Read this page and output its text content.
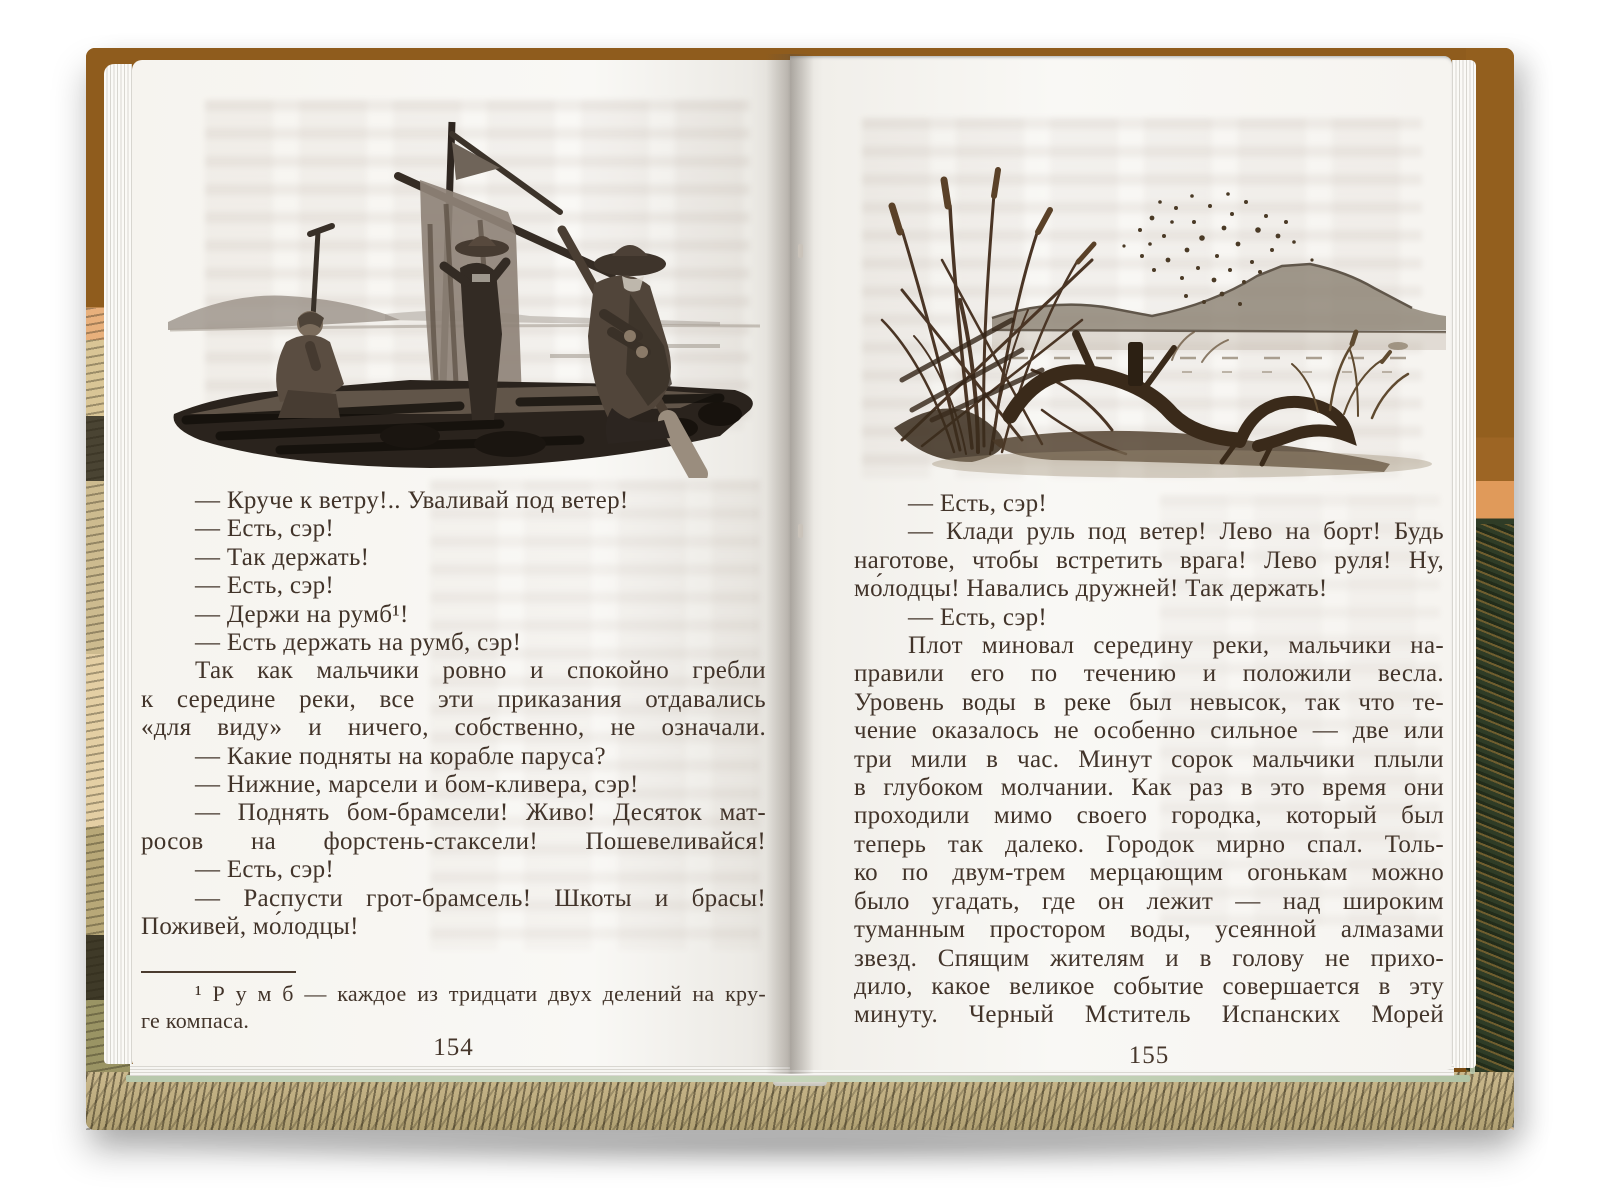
— Круче к ветру!.. Уваливай под ветер!
— Есть, сэр!
— Так держать!
— Есть, сэр!
— Держи на румб¹!
— Есть держать на румб, сэр!
Так как мальчики ровно и спокойно гребли
к середине реки, все эти приказания отдавались
«для виду» и ничего, собственно, не означали.
— Какие подняты на корабле паруса?
— Нижние, марсели и бом-кливера, сэр!
— Поднять бом-брамсели! Живо! Десяток мат-
росов на форстень-стаксели! Пошевеливайся!
— Есть, сэр!
— Распусти грот-брамсель! Шкоты и брасы!
Поживей, мо́лодцы!
¹ Р у м б — каждое из тридцати двух делений на кру-
ге компаса.
154
— Есть, сэр!
— Клади руль под ветер! Лево на борт! Будь
наготове, чтобы встретить врага! Лево руля! Ну,
мо́лодцы! Навались дружней! Так держать!
— Есть, сэр!
Плот миновал середину реки, мальчики на-
правили его по течению и положили весла.
Уровень воды в реке был невысок, так что те-
чение оказалось не особенно сильное — две или
три мили в час. Минут сорок мальчики плыли
в глубоком молчании. Как раз в это время они
проходили мимо своего городка, который был
теперь так далеко. Городок мирно спал. Толь-
ко по двум-трем мерцающим огонькам можно
было угадать, где он лежит — над широким
туманным простором воды, усеянной алмазами
звезд. Спящим жителям и в голову не прихо-
дило, какое великое событие совершается в эту
минуту. Черный Мститель Испанских Морей
155
